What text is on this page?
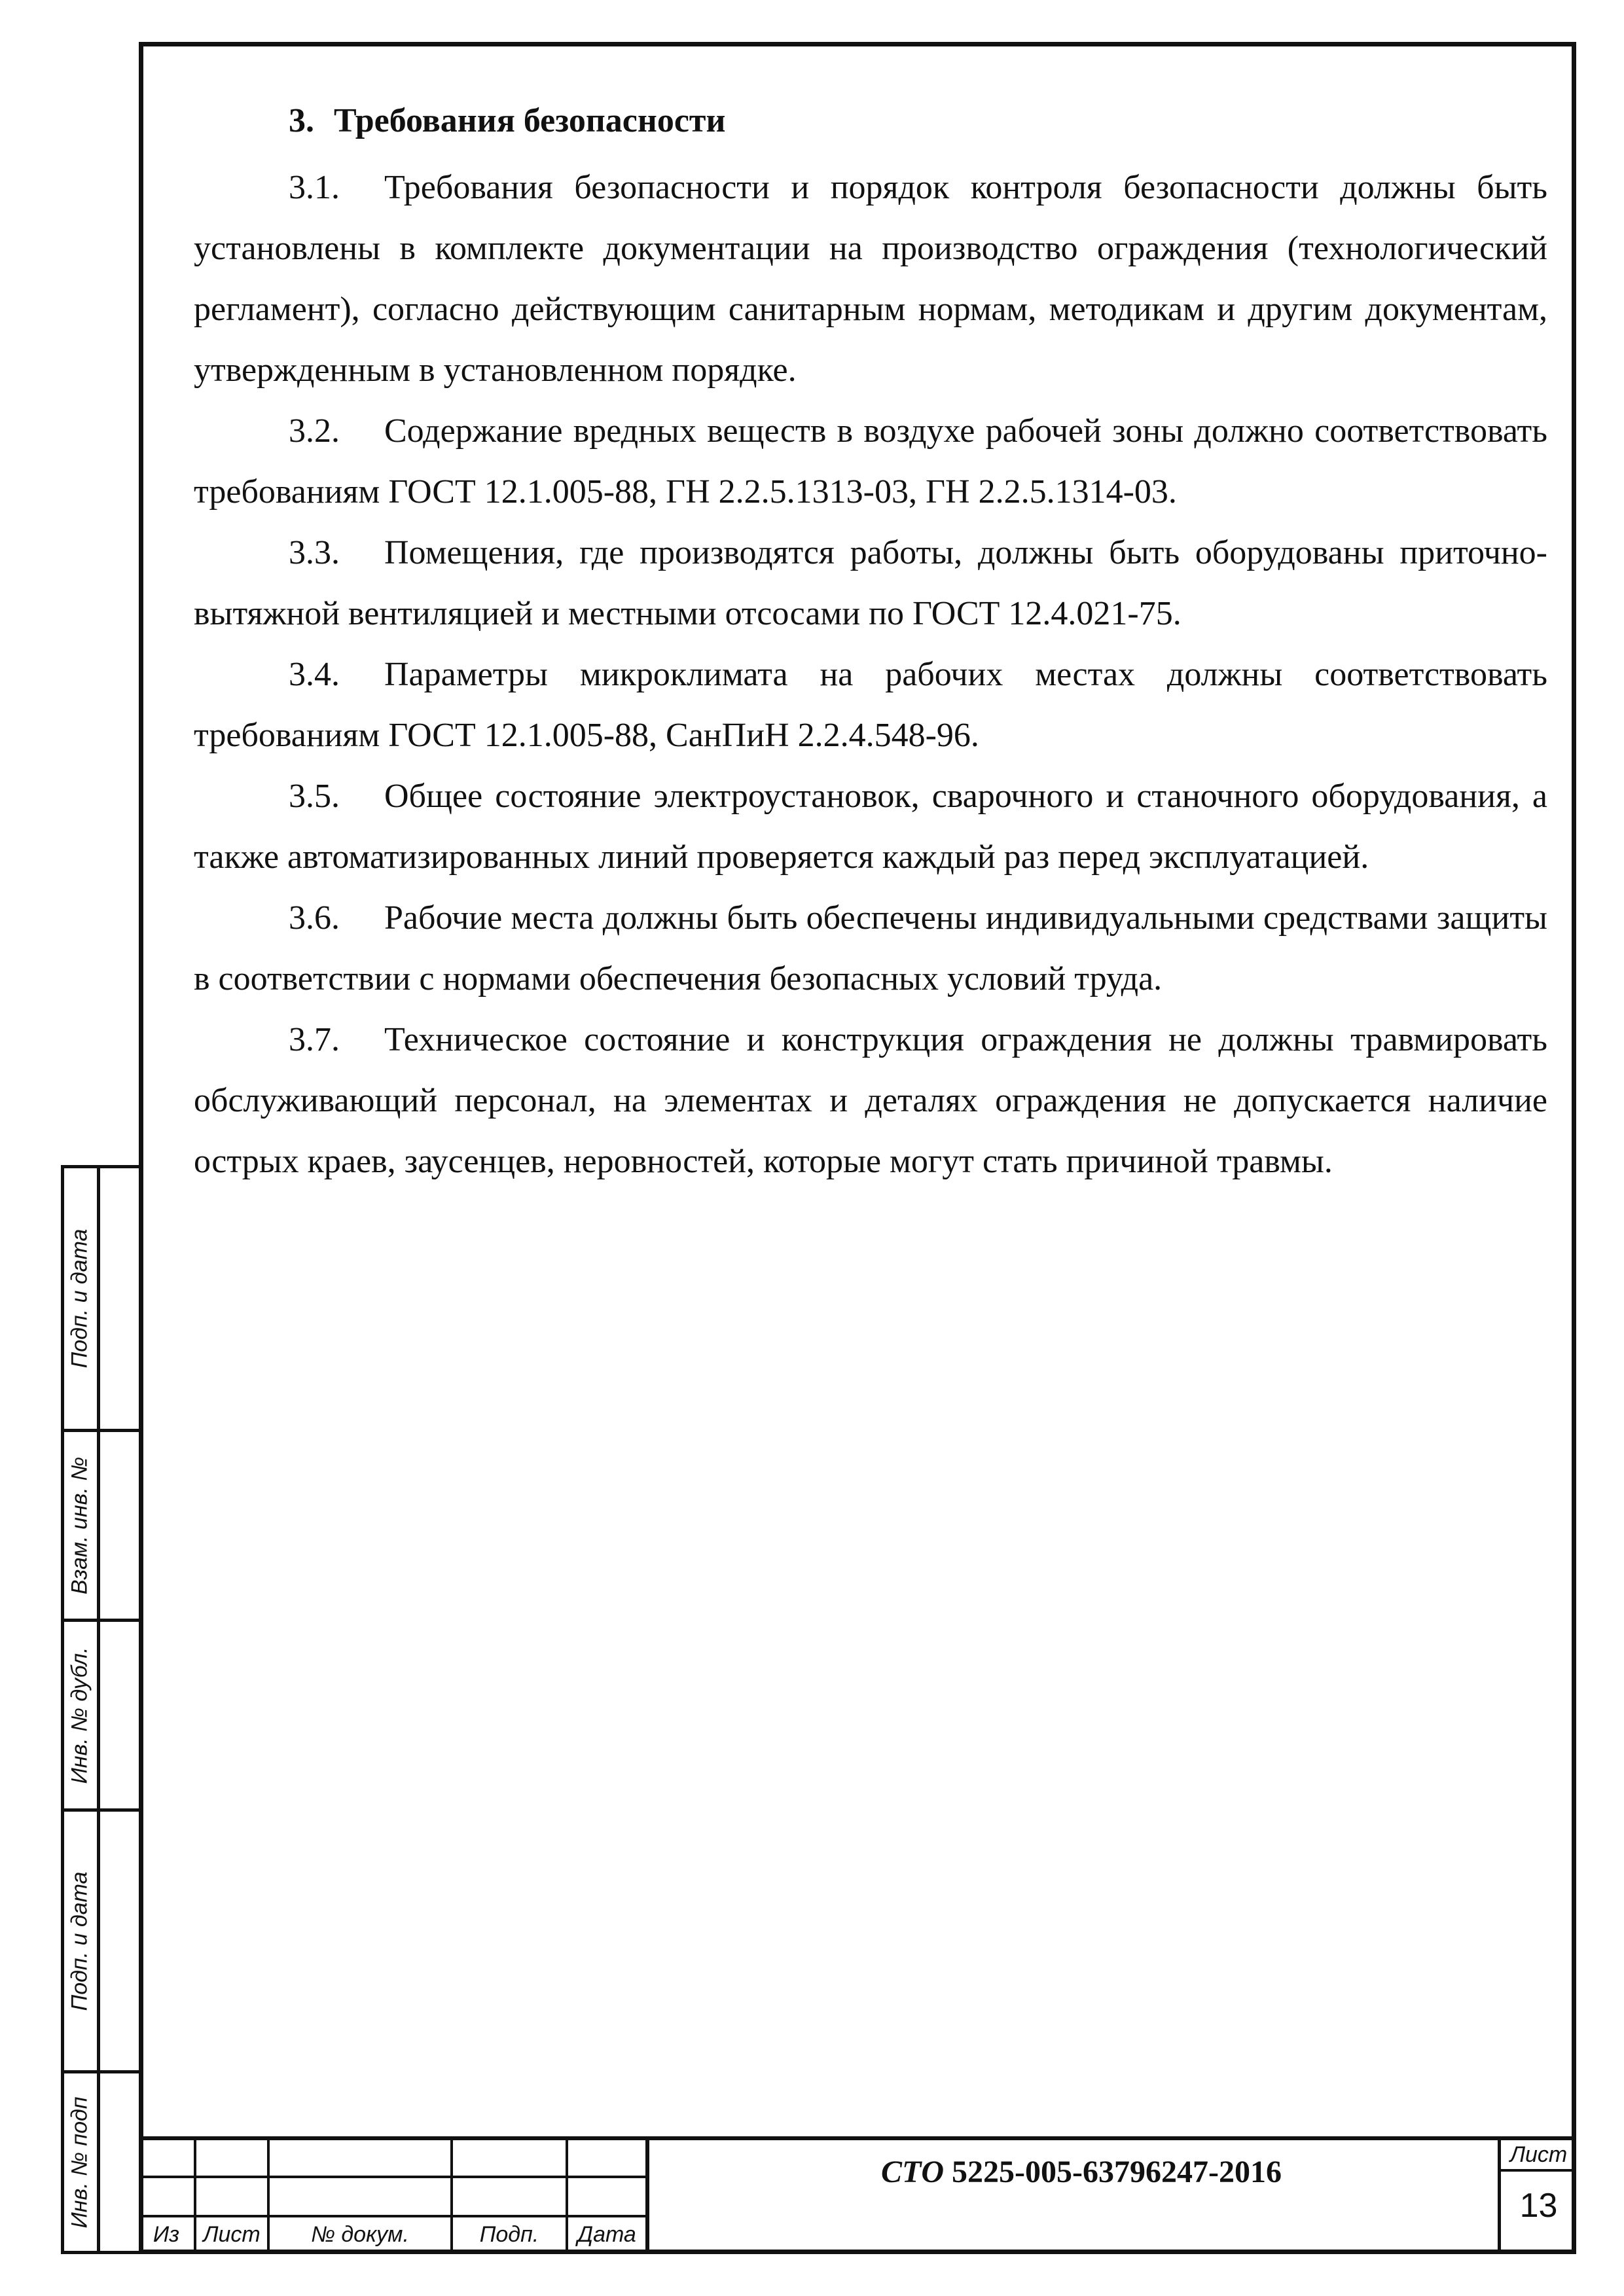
3. Требования безопасности

3.1. Требования безопасности и порядок контроля безопасности должны быть установлены в комплекте документации на производство ограждения (технологический регламент), согласно действующим санитарным нормам, методикам и другим документам, утвержденным в установленном порядке.

3.2. Содержание вредных веществ в воздухе рабочей зоны должно соответствовать требованиям ГОСТ 12.1.005-88, ГН 2.2.5.1313-03, ГН 2.2.5.1314-03.

3.3. Помещения, где производятся работы, должны быть оборудованы приточно-вытяжной вентиляцией и местными отсосами по ГОСТ 12.4.021-75.

3.4. Параметры микроклимата на рабочих местах должны соответствовать требованиям ГОСТ 12.1.005-88, СанПиН 2.2.4.548-96.

3.5. Общее состояние электроустановок, сварочного и станочного оборудования, а также автоматизированных линий проверяется каждый раз перед эксплуатацией.

3.6. Рабочие места должны быть обеспечены индивидуальными средствами защиты в соответствии с нормами обеспечения безопасных условий труда.

3.7. Техническое состояние и конструкция ограждения не должны травмировать обслуживающий персонал, на элементах и деталях ограждения не допускается наличие острых краев, заусенцев, неровностей, которые могут стать причиной травмы.

Подп. и дата
Взам. инв. №
Инв. № дубл.
Подп. и дата
Инв. № подп
Из	Лист	№ докум.	Подп.	Дата
СТО 5225-005-63796247-2016	Лист
13
